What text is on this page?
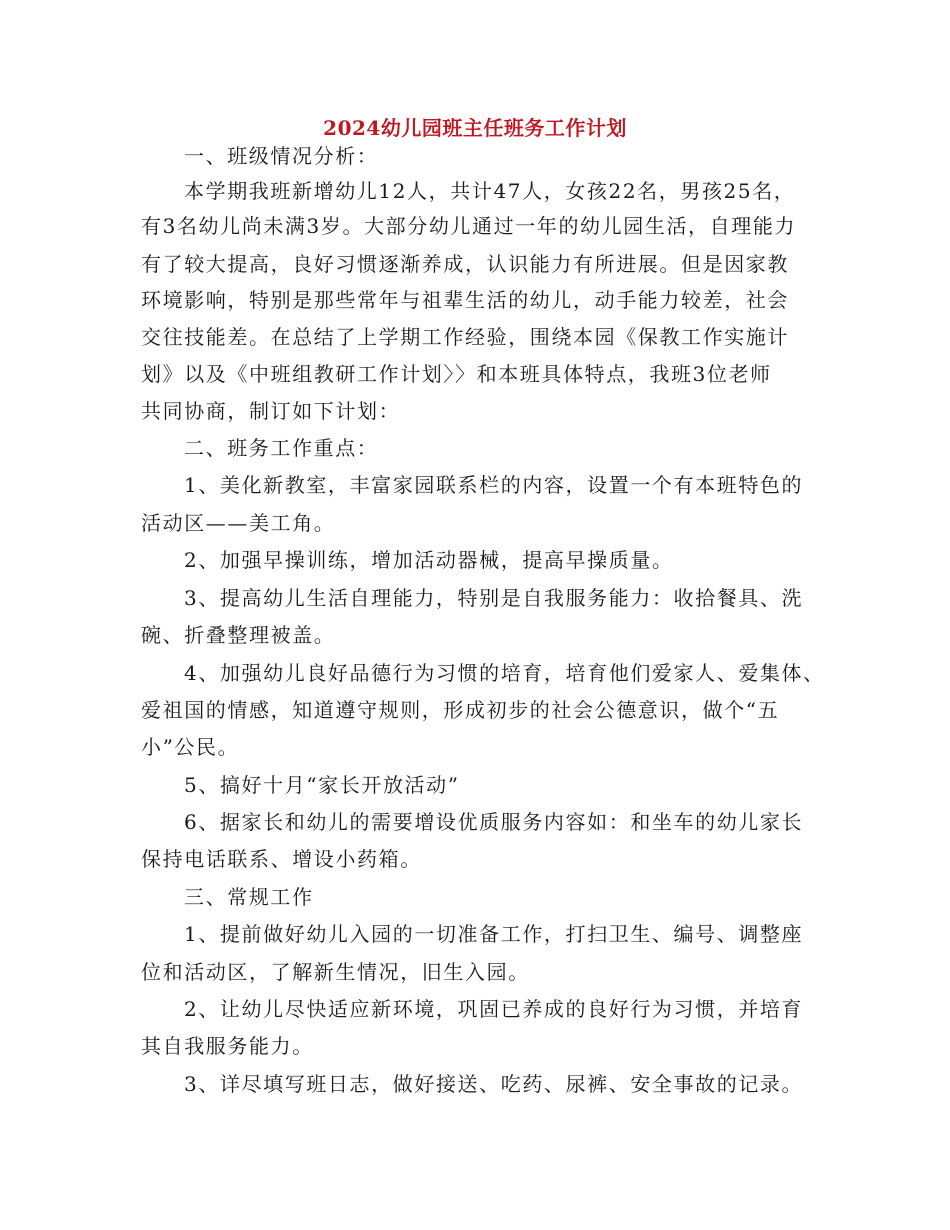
2024幼儿园班主任班务工作计划
一、班级情况分析：
本学期我班新增幼儿12人，共计47人，女孩22名，男孩25名，
有3名幼儿尚未满3岁。大部分幼儿通过一年的幼儿园生活，自理能力
有了较大提高，良好习惯逐渐养成，认识能力有所进展。但是因家教
环境影响，特别是那些常年与祖辈生活的幼儿，动手能力较差，社会
交往技能差。在总结了上学期工作经验，围绕本园《保教工作实施计
划》以及《中班组教研工作计划〉〉和本班具体特点，我班3位老师
共同协商，制订如下计划：
二、班务工作重点：
1、美化新教室，丰富家园联系栏的内容，设置一个有本班特色的
活动区——美工角。
2、加强早操训练，增加活动器械，提高早操质量。
3、提高幼儿生活自理能力，特别是自我服务能力：收拾餐具、洗
碗、折叠整理被盖。
4、加强幼儿良好品德行为习惯的培育，培育他们爱家人、爱集体、
爱祖国的情感，知道遵守规则，形成初步的社会公德意识，做个“五
小”公民。
5、搞好十月“家长开放活动”
6、据家长和幼儿的需要增设优质服务内容如：和坐车的幼儿家长
保持电话联系、增设小药箱。
三、常规工作
1、提前做好幼儿入园的一切准备工作，打扫卫生、编号、调整座
位和活动区，了解新生情况，旧生入园。
2、让幼儿尽快适应新环境，巩固已养成的良好行为习惯，并培育
其自我服务能力。
3、详尽填写班日志，做好接送、吃药、尿裤、安全事故的记录。
